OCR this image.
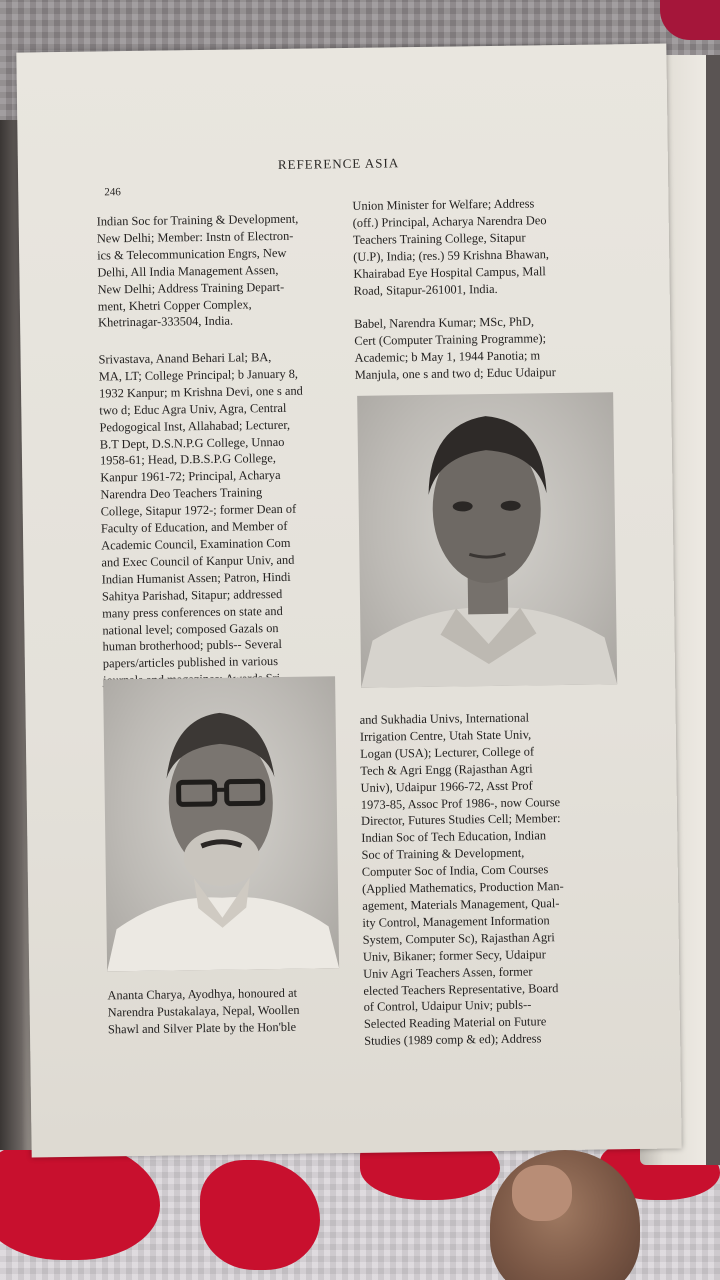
REFERENCE ASIA
246
Indian Soc for Training & Development,
New Delhi; Member: Instn of Electron-
ics & Telecommunication Engrs, New
Delhi, All India Management Assen,
New Delhi; Address Training Depart-
ment, Khetri Copper Complex,
Khetrinagar-333504, India.
Srivastava, Anand Behari Lal; BA,
MA, LT; College Principal; b January 8,
1932 Kanpur; m Krishna Devi, one s and
two d; Educ Agra Univ, Agra, Central
Pedogogical Inst, Allahabad; Lecturer,
B.T Dept, D.S.N.P.G College, Unnao
1958-61; Head, D.B.S.P.G College,
Kanpur 1961-72; Principal, Acharya
Narendra Deo Teachers Training
College, Sitapur 1972-; former Dean of
Faculty of Education, and Member of
Academic Council, Examination Com
and Exec Council of Kanpur Univ, and
Indian Humanist Assen; Patron, Hindi
Sahitya Parishad, Sitapur; addressed
many press conferences on state and
national level; composed Gazals on
human brotherhood; publs-- Several
papers/articles published in various
Ananta Charya, Ayodhya, honoured at
Narendra Pustakalaya, Nepal, Woollen
Shawl and Silver Plate by the Hon'ble
Union Minister for Welfare; Address
(off.) Principal, Acharya Narendra Deo
Teachers Training College, Sitapur
(U.P), India; (res.) 59 Krishna Bhawan,
Khairabad Eye Hospital Campus, Mall
Road, Sitapur-261001, India.
Babel, Narendra Kumar; MSc, PhD,
Cert (Computer Training Programme);
Academic; b May 1, 1944 Panotia; m
Manjula, one s and two d; Educ Udaipur
and Sukhadia Univs, International
Irrigation Centre, Utah State Univ,
Logan (USA); Lecturer, College of
Tech & Agri Engg (Rajasthan Agri
Univ), Udaipur 1966-72, Asst Prof
1973-85, Assoc Prof 1986-, now Course
Director, Futures Studies Cell; Member:
Indian Soc of Tech Education, Indian
Soc of Training & Development,
Computer Soc of India, Com Courses
(Applied Mathematics, Production Man-
agement, Materials Management, Qual-
ity Control, Management Information
System, Computer Sc), Rajasthan Agri
Univ, Bikaner; former Secy, Udaipur
Univ Agri Teachers Assen, former
elected Teachers Representative, Board
of Control, Udaipur Univ; publs--
Selected Reading Material on Future
Studies (1989 comp & ed); Address
